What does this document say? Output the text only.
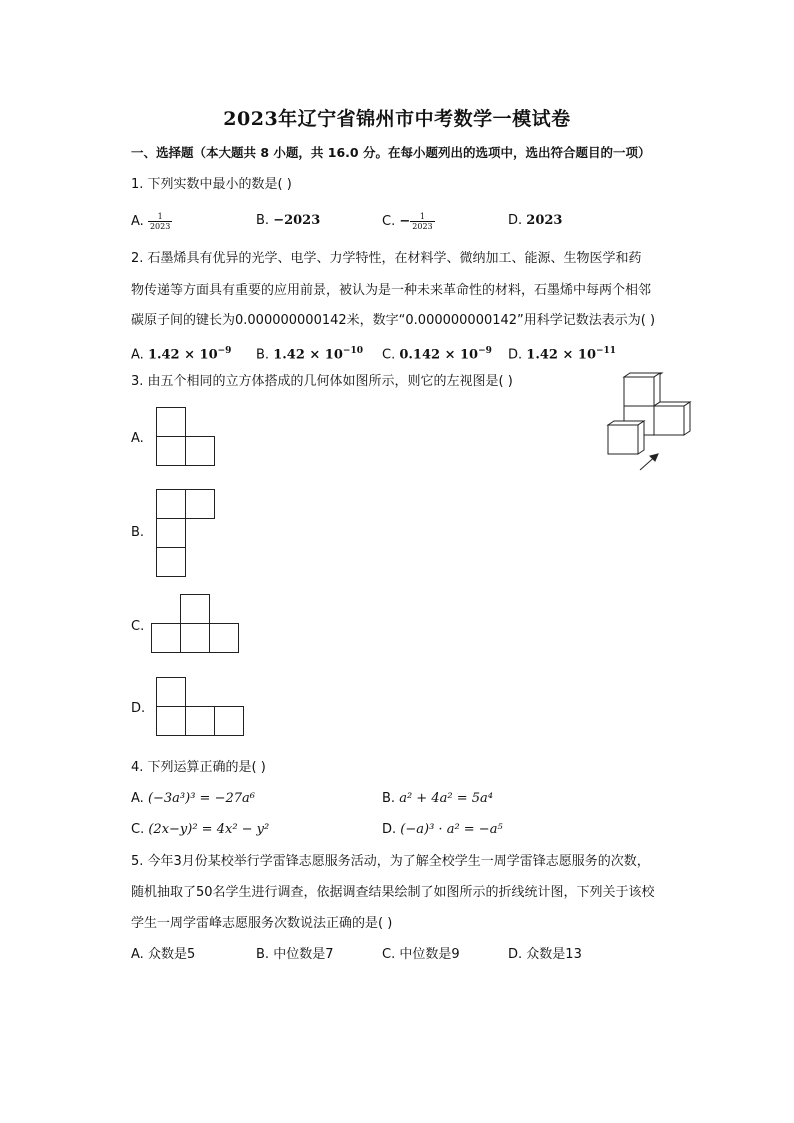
2023年辽宁省锦州市中考数学一模试卷
一、选择题（本大题共 8 小题，共 16.0 分。在每小题列出的选项中，选出符合题目的一项）
1. 下列实数中最小的数是( )
A. $\frac{1}{2023}$	B. −2023	C. − $\frac{1}{2023}$	D. 2023
2. 石墨烯具有优异的光学、电学、力学特性，在材料学、微纳加工、能源、生物医学和药
物传递等方面具有重要的应用前景，被认为是一种未来革命性的材料，石墨烯中每两个相邻
碳原子间的键长为0.000000000142米，数字“0.000000000142”用科学记数法表示为( )
A. $1.42 \times 10^{-9}$ B. $1.42 \times 10^{-10}$ C. $0.142 \times 10^{-9}$ D. $1.42 \times 10^{-11}$
3. 由五个相同的立方体搭成的几何体如图所示，则它的左视图是( )
A.
B.
C.
D.
4. 下列运算正确的是( )
A. (−3a³)³ = −27a⁶	B. a² + 4a² = 5a⁴
C. (2x−y)² = 4x² − y²	D. (−a)³ · a² = −a⁵
5. 今年3月份某校举行学雷锋志愿服务活动，为了解全校学生一周学雷锋志愿服务的次数，
随机抽取了50名学生进行调查，依据调查结果绘制了如图所示的折线统计图，下列关于该校
学生一周学雷峰志愿服务次数说法正确的是( )
A. 众数是5	B. 中位数是7	C. 中位数是9	D. 众数是13
